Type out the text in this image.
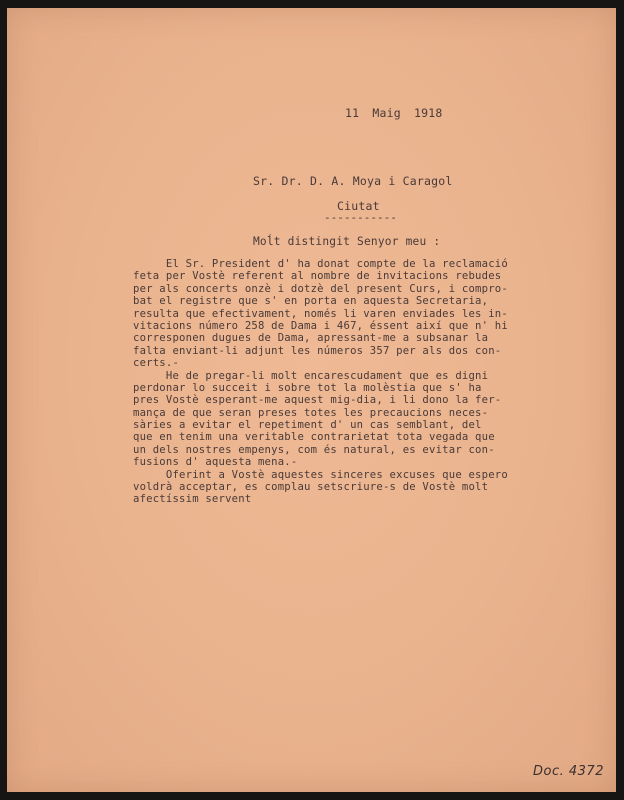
11 Maig 1918
Sr. Dr. D. A. Moya i Caragol
Ciutat
-----------
Moĺt distingit Senyor meu :
El Sr. President d' ha donat compte de la reclamació
feta per Vostè referent al nombre de invitacions rebudes
per als concerts onzè i dotzè del present Curs, i compro-
bat el registre que s' en porta en aquesta Secretaria,
resulta que efectivament, només li varen enviades les in-
vitacions número 258 de Dama i 467, éssent així que n' hi
corresponen dugues de Dama, apressant-me a subsanar la
falta enviant-li adjunt les números 357 per als dos con-
certs.-
He de pregar-li molt encarescudament que es digni
perdonar lo succeit i sobre tot la molèstia que s' ha
pres Vostè esperant-me aquest mig-dia, i li dono la fer-
mança de que seran preses totes les precaucions neces-
sàries a evitar el repetiment d' un cas semblant, del
que en tenim una veritable contrarietat tota vegada que
un dels nostres empenys, com és natural, es evitar con-
fusions d' aquesta mena.-
Oferint a Vostè aquestes sinceres excuses que espero
voldrà acceptar, es complau setscriure-s de Vostè molt
afectíssim servent
Doc. 4372
